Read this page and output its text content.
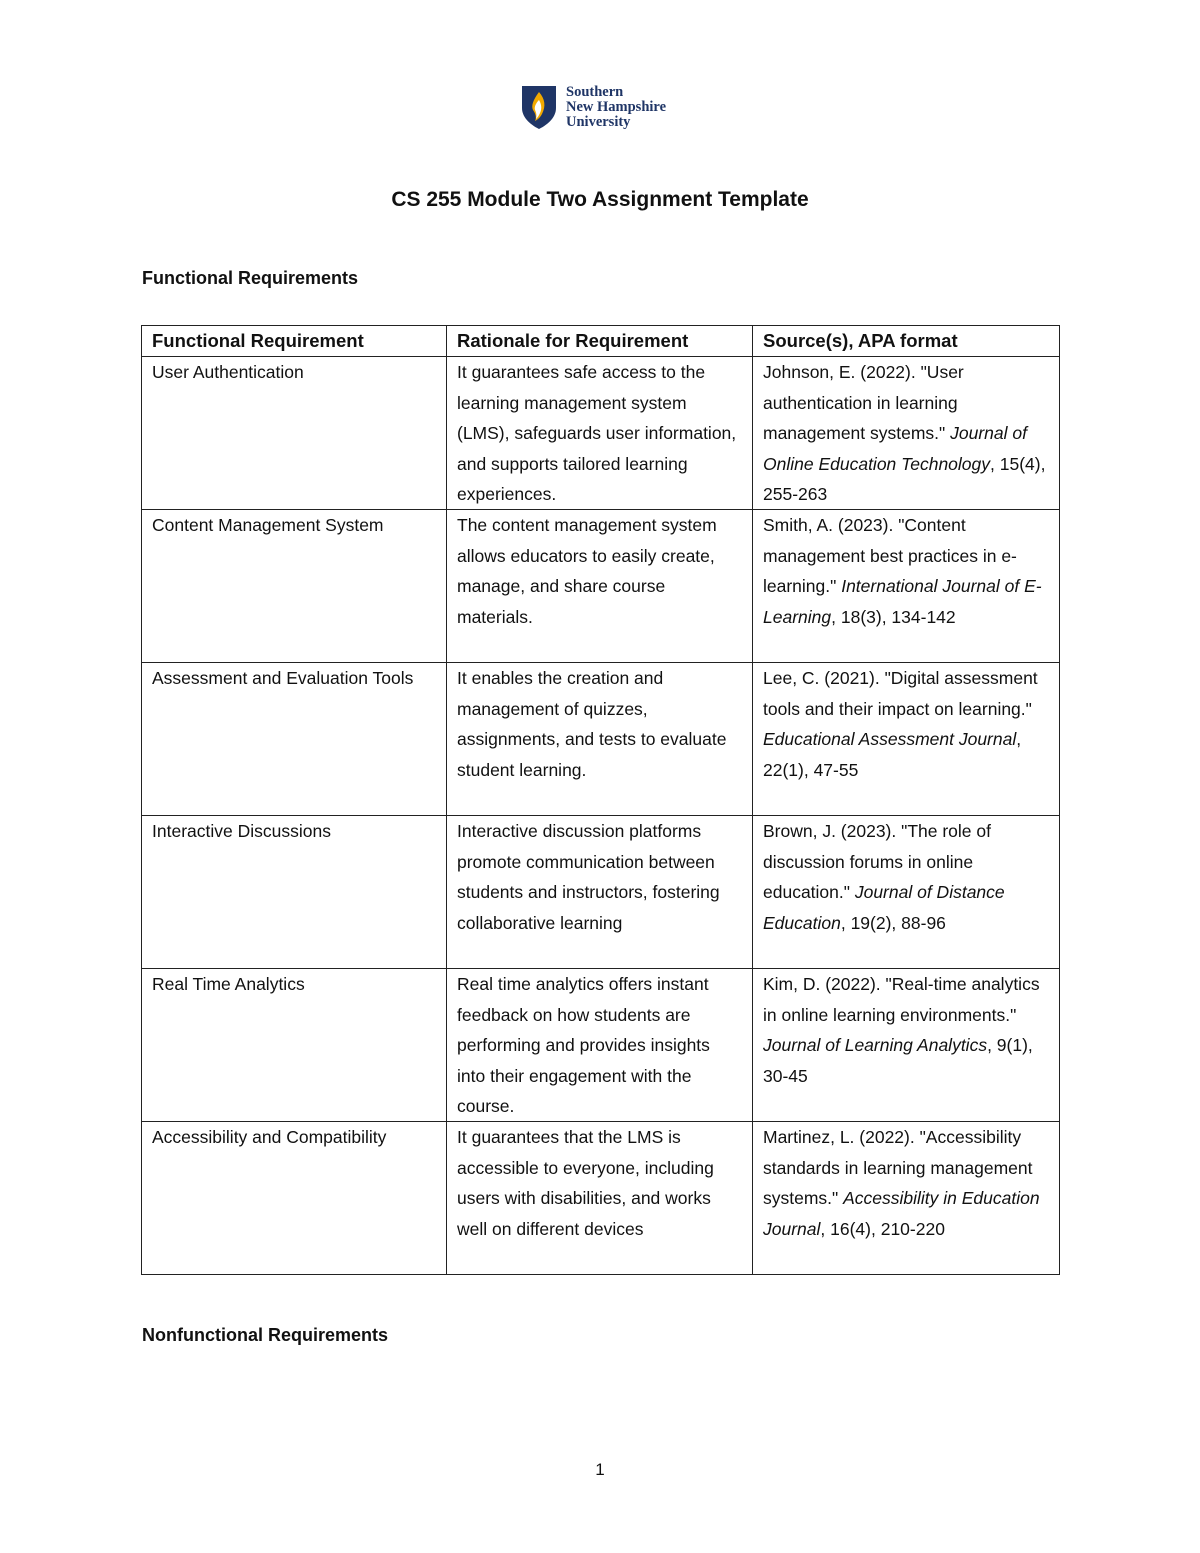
Southern
New Hampshire
University
CS 255 Module Two Assignment Template
Functional Requirements
Functional Requirement	Rationale for Requirement	Source(s), APA format
User Authentication	It guarantees safe access to the learning management system (LMS), safeguards user information, and supports tailored learning experiences.	Johnson, E. (2022). "User authentication in learning management systems." Journal of Online Education Technology, 15(4), 255-263
Content Management System	The content management system allows educators to easily create, manage, and share course materials.	Smith, A. (2023). "Content management best practices in e-learning." International Journal of E-Learning, 18(3), 134-142
Assessment and Evaluation Tools	It enables the creation and management of quizzes, assignments, and tests to evaluate student learning.	Lee, C. (2021). "Digital assessment tools and their impact on learning." Educational Assessment Journal, 22(1), 47-55
Interactive Discussions	Interactive discussion platforms promote communication between students and instructors, fostering collaborative learning	Brown, J. (2023). "The role of discussion forums in online education." Journal of Distance Education, 19(2), 88-96
Real Time Analytics	Real time analytics offers instant feedback on how students are performing and provides insights into their engagement with the course.	Kim, D. (2022). "Real-time analytics in online learning environments." Journal of Learning Analytics, 9(1), 30-45
Accessibility and Compatibility	It guarantees that the LMS is accessible to everyone, including users with disabilities, and works well on different devices	Martinez, L. (2022). "Accessibility standards in learning management systems." Accessibility in Education Journal, 16(4), 210-220
Nonfunctional Requirements
1
